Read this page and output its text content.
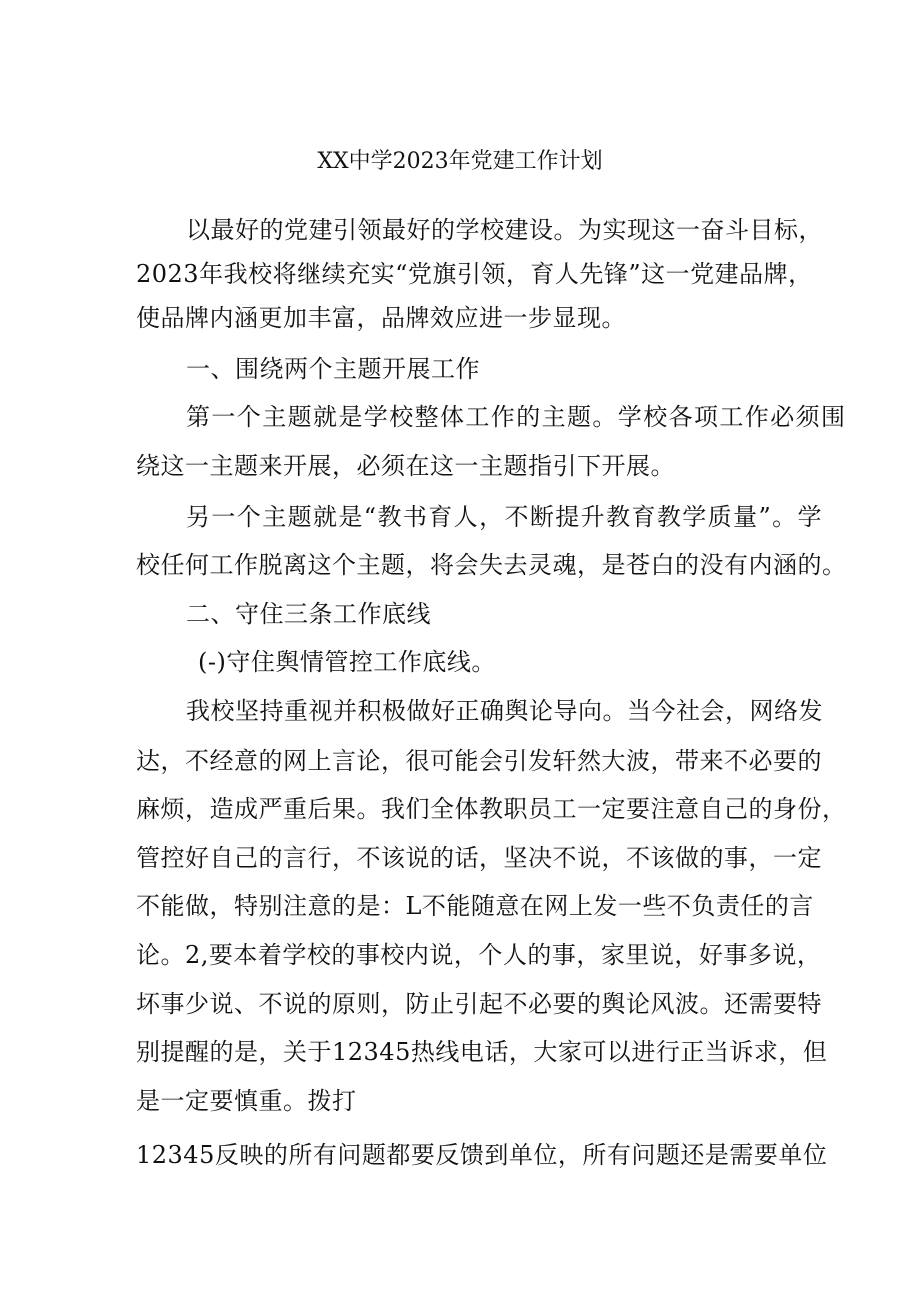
XX中学2023年党建工作计划
以最好的党建引领最好的学校建设。为实现这一奋斗目标，
2023年我校将继续充实“党旗引领，育人先锋”这一党建品牌，
使品牌内涵更加丰富，品牌效应进一步显现。
一、围绕两个主题开展工作
第一个主题就是学校整体工作的主题。学校各项工作必须围
绕这一主题来开展，必须在这一主题指引下开展。
另一个主题就是“教书育人，不断提升教育教学质量”。学
校任何工作脱离这个主题，将会失去灵魂，是苍白的没有内涵的。
二、守住三条工作底线
(-)守住舆情管控工作底线。
我校坚持重视并积极做好正确舆论导向。当今社会，网络发
达，不经意的网上言论，很可能会引发轩然大波，带来不必要的
麻烦，造成严重后果。我们全体教职员工一定要注意自己的身份，
管控好自己的言行，不该说的话，坚决不说，不该做的事，一定
不能做，特别注意的是：L不能随意在网上发一些不负责任的言
论。2,要本着学校的事校内说，个人的事，家里说，好事多说，
坏事少说、不说的原则，防止引起不必要的舆论风波。还需要特
别提醒的是，关于12345热线电话，大家可以进行正当诉求，但
是一定要慎重。拨打
12345反映的所有问题都要反馈到单位，所有问题还是需要单位
